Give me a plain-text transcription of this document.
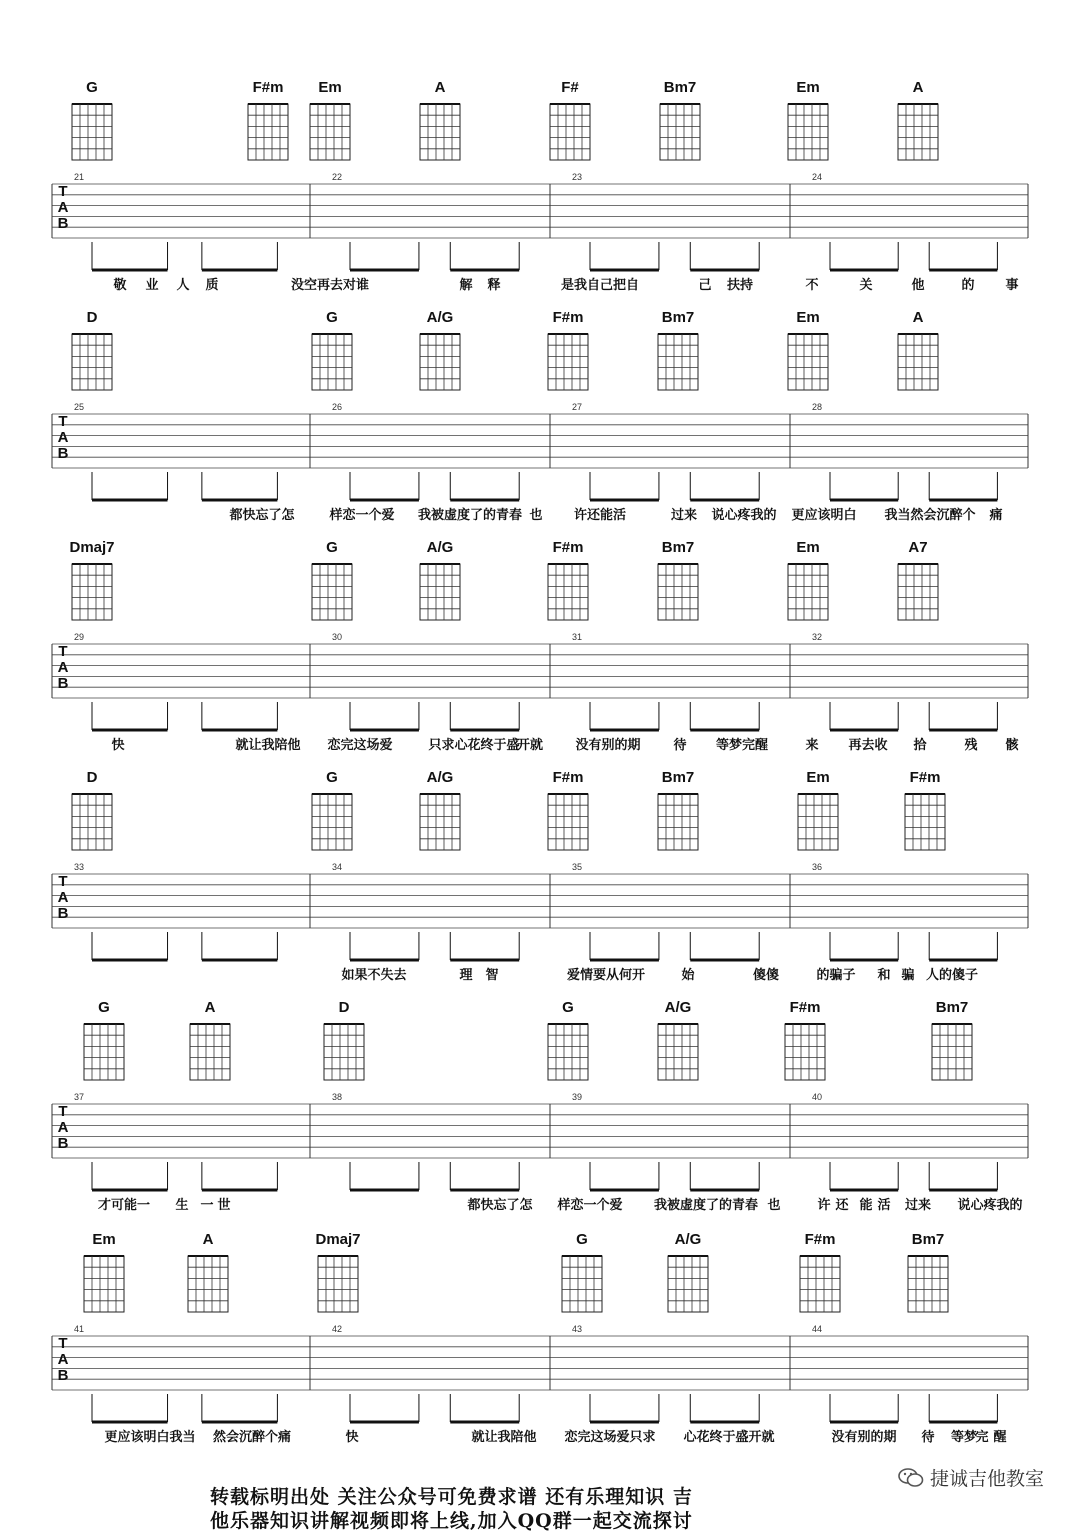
G	F#m Em	A	F#	Bm7	Em	A
T
A
B
21	22	23	24
敬 业 人 质	没空再去对谁	解 释	是我自己把自	己 扶持	不	关	他	的 事
D	G	A/G	F#m	Bm7	Em	A
T
A
B
25	26	27	28
都快忘了怎	样恋一个爱 我被虚度了的青春 也 许还能活	过来 说心疼我的 更应该明白 我当然会沉醉个 痛
Dmaj7	G	A/G	F#m	Bm7	Em	A7
T
A
B
29	30	31	32
快	就让我陪他 恋完这场爱	只求心花终于盛
开就 没有别的期	待 等梦完醒	来 再去收 拾	残 骸
D	G	A/G	F#m	Bm7	Em	F#m
T
A
B
33	34	35	36
如果不失去	理 智	爱情要从何开	始	傻傻	的骗子 和 骗 人的傻子
G	A	D	G	A/G	F#m	Bm7
T
A
B
37	38	39	40
才可能一 生 一 世	都快忘了怎 样恋一个爱 我被虚度了的青春 也	许 还 能 活 过来 说心疼我的
Em	A	Dmaj7	G	A/G	F#m	Bm7
T
A
B
41	42	43	44
更应该明白我当 然会沉醉个痛	快	就让我陪他 恋完这场爱只求 心花终于盛开就	没有别的期 待 等梦
完 醒
转载标明出处 关注公众号可免费求谱 还有乐理知识 吉
他乐器知识讲解视频即将上线,加入QQ群一起交流探讨
捷诚吉他教室
